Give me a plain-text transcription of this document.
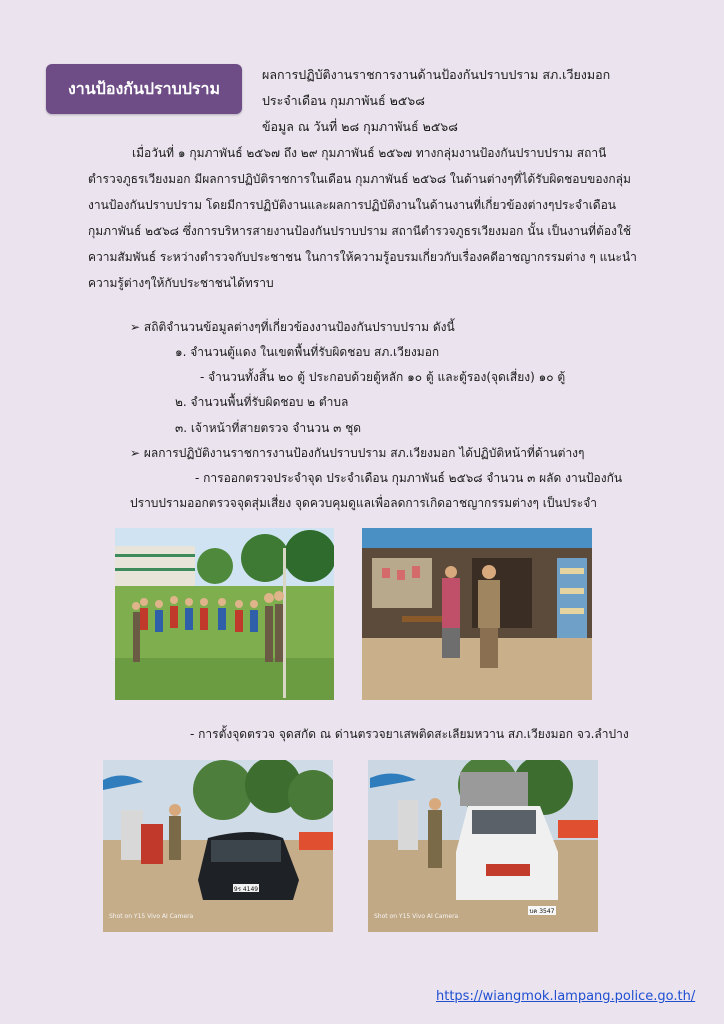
งานป้องกันปราบปราม
ผลการปฏิบัติงานราชการงานด้านป้องกันปราบปราม สภ.เวียงมอก
ประจำเดือน กุมภาพันธ์ ๒๕๖๘
ข้อมูล ณ วันที่ ๒๘ กุมภาพันธ์ ๒๕๖๘
เมื่อวันที่ ๑ กุมภาพันธ์ ๒๕๖๗ ถึง ๒๙ กุมภาพันธ์ ๒๕๖๗ ทางกลุ่มงานป้องกันปราบปราม สถานีตำรวจภูธรเวียงมอก มีผลการปฏิบัติราชการในเดือน กุมภาพันธ์ ๒๕๖๘ ในด้านต่างๆที่ได้รับผิดชอบของกลุ่มงานป้องกันปราบปราม โดยมีการปฏิบัติงานและผลการปฏิบัติงานในด้านงานที่เกี่ยวข้องต่างๆประจำเดือนกุมภาพันธ์ ๒๕๖๘ ซึ่งการบริหารสายงานป้องกันปราบปราม สถานีตำรวจภูธรเวียงมอก นั้น เป็นงานที่ต้องใช้ความสัมพันธ์ ระหว่างตำรวจกับประชาชน ในการให้ความรู้อบรมเกี่ยวกับเรื่องคดีอาชญากรรมต่าง ๆ แนะนำความรู้ต่างๆให้กับประชาชนได้ทราบ
➢ สถิติจำนวนข้อมูลต่างๆที่เกี่ยวข้องงานป้องกันปราบปราม ดังนี้
๑. จำนวนตู้แดง ในเขตพื้นที่รับผิดชอบ สภ.เวียงมอก
- จำนวนทั้งสิ้น ๒๐ ตู้ ประกอบด้วยตู้หลัก ๑๐ ตู้ และตู้รอง(จุดเสี่ยง) ๑๐ ตู้
๒. จำนวนพื้นที่รับผิดชอบ ๒ ตำบล
๓. เจ้าหน้าที่สายตรวจ จำนวน ๓ ชุด
➢ ผลการปฏิบัติงานราชการงานป้องกันปราบปราม สภ.เวียงมอก ได้ปฏิบัติหน้าที่ด้านต่างๆ
- การออกตรวจประจำจุด ประจำเดือน กุมภาพันธ์ ๒๕๖๘ จำนวน ๓ ผลัด งานป้องกัน
ปราบปรามออกตรวจจุดสุ่มเสี่ยง จุดควบคุมดูแลเพื่อลดการเกิดอาชญากรรมต่างๆ เป็นประจำ
- การตั้งจุดตรวจ จุดสกัด ณ ด่านตรวจยาเสพติดสะเลียมหวาน สภ.เวียงมอก จว.ลำปาง
9ร 4149
Shot on Y15 Vivo AI Camera
บค 3547
Shot on Y15 Vivo AI Camera
https://wiangmok.lampang.police.go.th/
